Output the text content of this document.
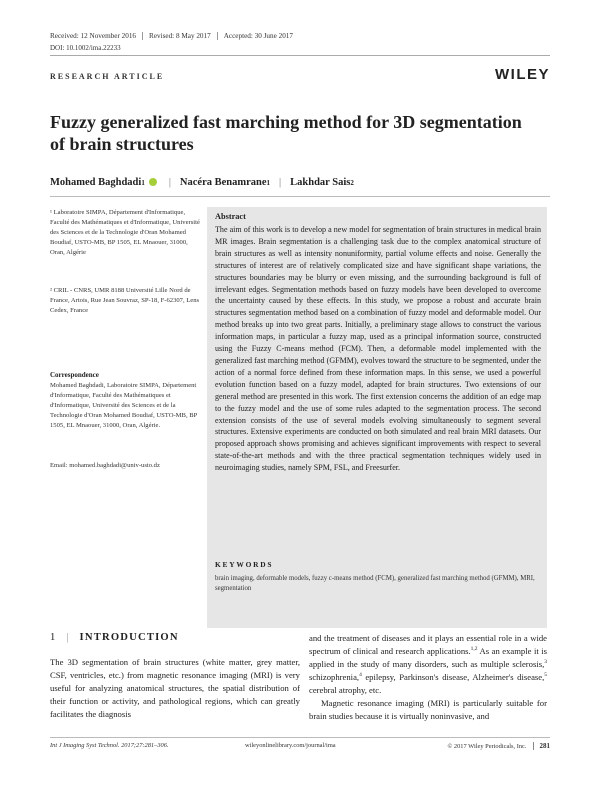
Received: 12 November 2016	Revised: 8 May 2017	Accepted: 30 June 2017
DOI: 10.1002/ima.22233
RESEARCH ARTICLE	WILEY
Fuzzy generalized fast marching method for 3D segmentation of brain structures
Mohamed Baghdadi 1 | Nacéra Benamrane 1 | Lakhdar Sais 2
¹ Laboratoire SIMPA, Département d'Informatique, Faculté des Mathématiques et d'Informatique, Université des Sciences et de la Technologie d'Oran Mohamed Boudiaf, USTO-MB, BP 1505, EL Mnaouer, 31000, Oran, Algérie
² CRIL - CNRS, UMR 8188 Université Lille Nord de France, Artois, Rue Jean Souvraz, SP-18, F-62307, Lens Cedex, France
Correspondence
Mohamed Baghdadi, Laboratoire SIMPA, Département d'Informatique, Faculté des Mathématiques et d'Informatique, Université des Sciences et de la Technologie d'Oran Mohamed Boudiaf, USTO-MB, BP 1505, EL Mnaouer, 31000, Oran, Algérie.
Email: mohamed.baghdadi@univ-usto.dz
Abstract
The aim of this work is to develop a new model for segmentation of brain structures in medical brain MR images. Brain segmentation is a challenging task due to the complex anatomical structure of brain structures as well as intensity nonuniformity, partial volume effects and noise. Generally the structures of interest are of relatively complicated size and have significant shape variations, the structures boundaries may be blurry or even missing, and the surrounding background is full of irrelevant edges. Segmentation methods based on fuzzy models have been developed to overcome the uncertainty caused by these effects. In this study, we propose a robust and accurate brain structures segmentation method based on a combination of fuzzy model and deformable model. Our method breaks up into two great parts. Initially, a preliminary stage allows to construct the various information maps, in particular a fuzzy map, used as a principal information source, constructed using the Fuzzy C-means method (FCM). Then, a deformable model implemented with the generalized fast marching method (GFMM), evolves toward the structure to be segmented, under the action of a normal force defined from these information maps. In this sense, we used a powerful evolution function based on a fuzzy model, adapted for brain structures. Two extensions of our general method are presented in this work. The first extension concerns the addition of an edge map to the fuzzy model and the use of some rules adapted to the segmentation process. The second extension consists of the use of several models evolving simultaneously to segment several structures. Extensive experiments are conducted on both simulated and real brain MRI datasets. Our proposed approach shows promising and achieves significant improvements with respect to several state-of-the-art methods and with the three practical segmentation techniques widely used in neuroimaging studies, namely SPM, FSL, and Freesurfer.
KEYWORDS
brain imaging, deformable models, fuzzy c-means method (FCM), generalized fast marching method (GFMM), MRI, segmentation
1 | INTRODUCTION
The 3D segmentation of brain structures (white matter, grey matter, CSF, ventricles, etc.) from magnetic resonance imaging (MRI) is very useful for analyzing anatomical structures, the spatial distribution of their function or activity, and pathological regions, which can greatly facilitates the diagnosis
and the treatment of diseases and it plays an essential role in a wide spectrum of clinical and research applications.$^{1,2}$ As an example it is applied in the study of many disorders, such as multiple sclerosis,$^3$ schizophrenia,$^4$ epilepsy, Parkinson's disease, Alzheimer's disease,$^5$ cerebral atrophy, etc.
Magnetic resonance imaging (MRI) is particularly suitable for brain studies because it is virtually noninvasive, and
Int J Imaging Syst Technol. 2017;27:281–306.	wileyonlinelibrary.com/journal/ima	© 2017 Wiley Periodicals, Inc.	281
